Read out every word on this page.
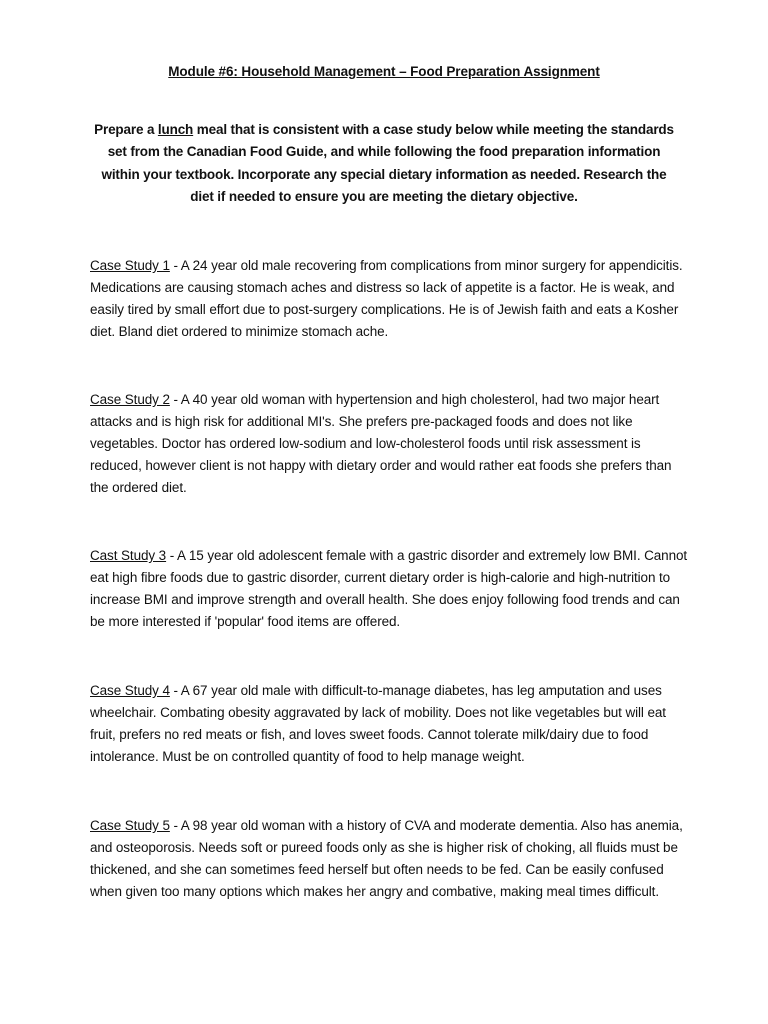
Module #6: Household Management – Food Preparation Assignment
Prepare a lunch meal that is consistent with a case study below while meeting the standards set from the Canadian Food Guide, and while following the food preparation information within your textbook. Incorporate any special dietary information as needed. Research the diet if needed to ensure you are meeting the dietary objective.
Case Study 1 - A 24 year old male recovering from complications from minor surgery for appendicitis. Medications are causing stomach aches and distress so lack of appetite is a factor. He is weak, and easily tired by small effort due to post-surgery complications. He is of Jewish faith and eats a Kosher diet. Bland diet ordered to minimize stomach ache.
Case Study 2 - A 40 year old woman with hypertension and high cholesterol, had two major heart attacks and is high risk for additional MI's. She prefers pre-packaged foods and does not like vegetables. Doctor has ordered low-sodium and low-cholesterol foods until risk assessment is reduced, however client is not happy with dietary order and would rather eat foods she prefers than the ordered diet.
Cast Study 3 - A 15 year old adolescent female with a gastric disorder and extremely low BMI. Cannot eat high fibre foods due to gastric disorder, current dietary order is high-calorie and high-nutrition to increase BMI and improve strength and overall health. She does enjoy following food trends and can be more interested if 'popular' food items are offered.
Case Study 4 - A 67 year old male with difficult-to-manage diabetes, has leg amputation and uses wheelchair. Combating obesity aggravated by lack of mobility. Does not like vegetables but will eat fruit, prefers no red meats or fish, and loves sweet foods. Cannot tolerate milk/dairy due to food intolerance. Must be on controlled quantity of food to help manage weight.
Case Study 5 - A 98 year old woman with a history of CVA and moderate dementia. Also has anemia, and osteoporosis. Needs soft or pureed foods only as she is higher risk of choking, all fluids must be thickened, and she can sometimes feed herself but often needs to be fed. Can be easily confused when given too many options which makes her angry and combative, making meal times difficult.
